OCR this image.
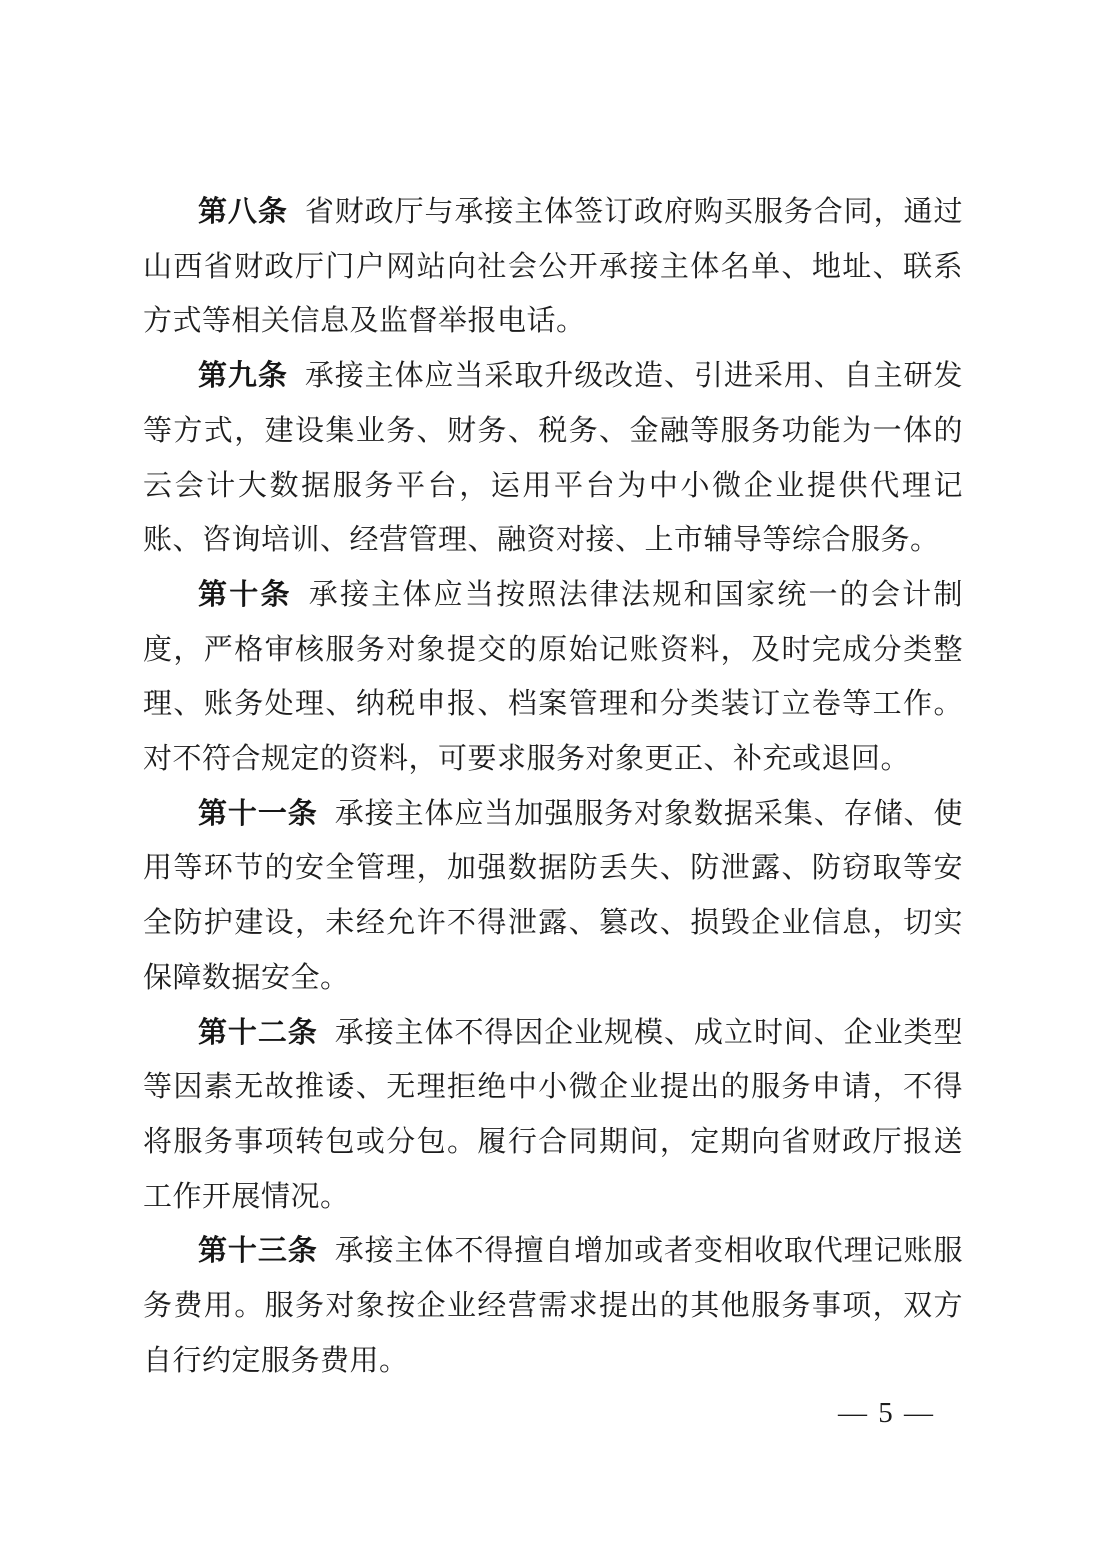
第八条 省财政厅与承接主体签订政府购买服务合同，通过山西省财政厅门户网站向社会公开承接主体名单、地址、联系方式等相关信息及监督举报电话。

第九条 承接主体应当采取升级改造、引进采用、自主研发等方式，建设集业务、财务、税务、金融等服务功能为一体的云会计大数据服务平台，运用平台为中小微企业提供代理记账、咨询培训、经营管理、融资对接、上市辅导等综合服务。

第十条 承接主体应当按照法律法规和国家统一的会计制度，严格审核服务对象提交的原始记账资料，及时完成分类整理、账务处理、纳税申报、档案管理和分类装订立卷等工作。对不符合规定的资料，可要求服务对象更正、补充或退回。

第十一条 承接主体应当加强服务对象数据采集、存储、使用等环节的安全管理，加强数据防丢失、防泄露、防窃取等安全防护建设，未经允许不得泄露、篡改、损毁企业信息，切实保障数据安全。

第十二条 承接主体不得因企业规模、成立时间、企业类型等因素无故推诿、无理拒绝中小微企业提出的服务申请，不得将服务事项转包或分包。履行合同期间，定期向省财政厅报送工作开展情况。

第十三条 承接主体不得擅自增加或者变相收取代理记账服务费用。服务对象按企业经营需求提出的其他服务事项，双方自行约定服务费用。

— 5 —
